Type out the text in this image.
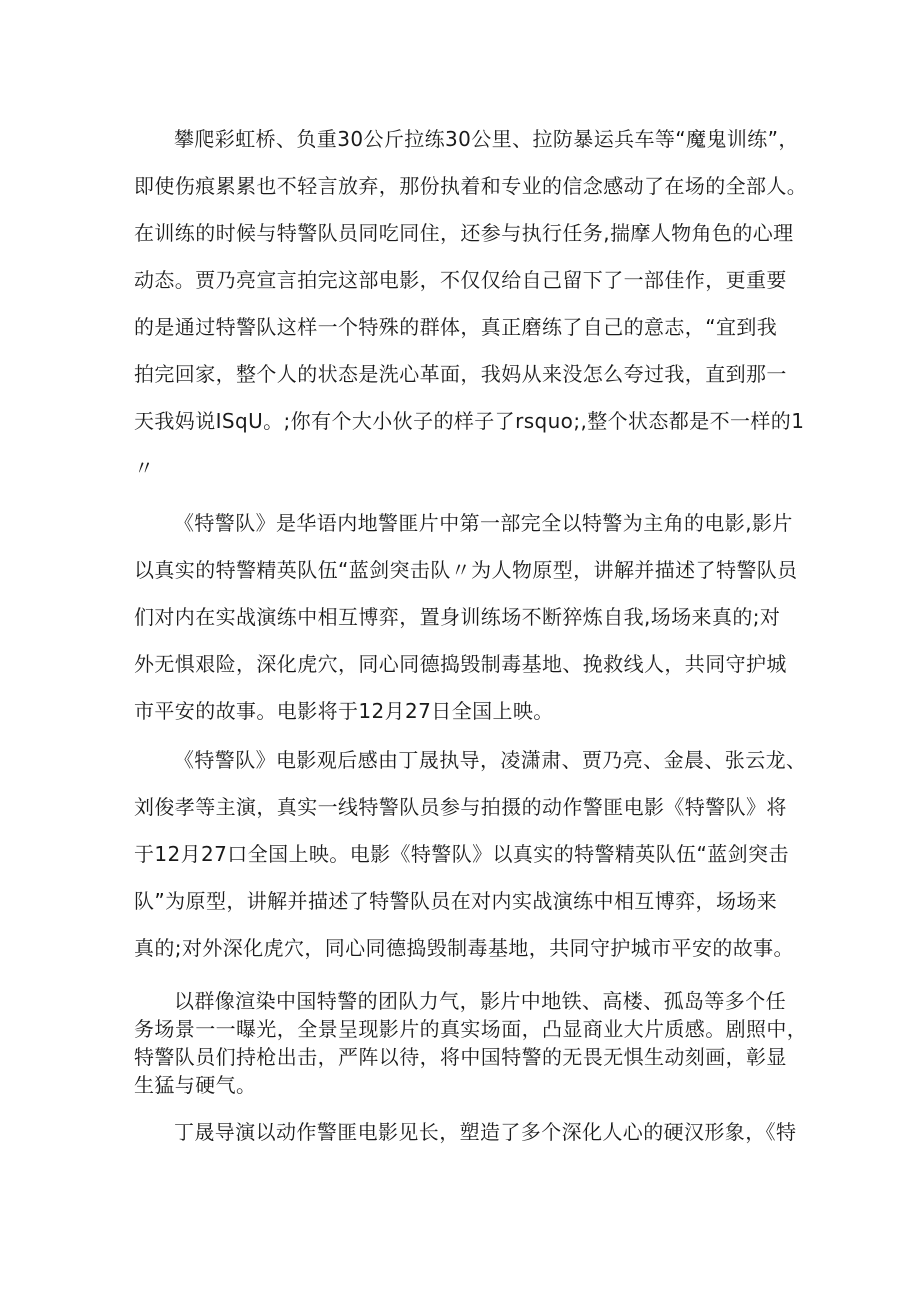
攀爬彩虹桥、负重30公斤拉练30公里、拉防暴运兵车等“魔鬼训练”，
即使伤痕累累也不轻言放弃，那份执着和专业的信念感动了在场的全部人。
在训练的时候与特警队员同吃同住，还参与执行任务,揣摩人物角色的心理
动态。贾乃亮宣言拍完这部电影，不仅仅给自己留下了一部佳作，更重要
的是通过特警队这样一个特殊的群体，真正磨练了自己的意志，“宜到我
拍完回家，整个人的状态是洗心革面，我妈从来没怎么夸过我，直到那一
天我妈说ISqU。;你有个大小伙子的样子了rsquo;,整个状态都是不一样的1
〃
《特警队》是华语内地警匪片中第一部完全以特警为主角的电影,影片
以真实的特警精英队伍“蓝剑突击队〃为人物原型，讲解并描述了特警队员
们对内在实战演练中相互博弈，置身训练场不断猝炼自我,场场来真的;对
外无惧艰险，深化虎穴，同心同德捣毁制毒基地、挽救线人，共同守护城
市平安的故事。电影将于12月27日全国上映。
《特警队》电影观后感由丁晟执导，凌潇肃、贾乃亮、金晨、张云龙、
刘俊孝等主演，真实一线特警队员参与拍摄的动作警匪电影《特警队》将
于12月27口全国上映。电影《特警队》以真实的特警精英队伍“蓝剑突击
队”为原型，讲解并描述了特警队员在对内实战演练中相互博弈，场场来
真的;对外深化虎穴，同心同德捣毁制毒基地，共同守护城市平安的故事。
以群像渲染中国特警的团队力气，影片中地铁、高楼、孤岛等多个任
务场景一一曝光，全景呈现影片的真实场面，凸显商业大片质感。剧照中，
特警队员们持枪出击，严阵以待，将中国特警的无畏无惧生动刻画，彰显
生猛与硬气。
丁晟导演以动作警匪电影见长，塑造了多个深化人心的硬汉形象，《特
